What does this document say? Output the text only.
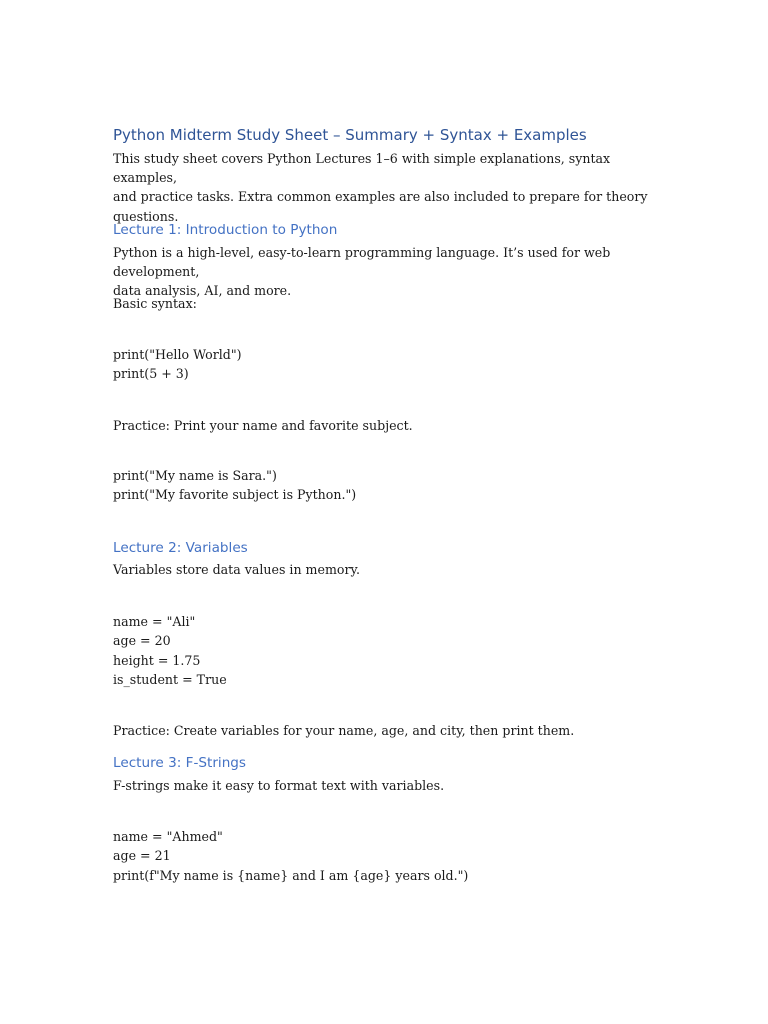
Python Midterm Study Sheet – Summary + Syntax + Examples
This study sheet covers Python Lectures 1–6 with simple explanations, syntax examples,
and practice tasks. Extra common examples are also included to prepare for theory
questions.
Lecture 1: Introduction to Python
Python is a high-level, easy-to-learn programming language. It’s used for web development,
data analysis, AI, and more.
Basic syntax:
print("Hello World")
print(5 + 3)
Practice: Print your name and favorite subject.
print("My name is Sara.")
print("My favorite subject is Python.")
Lecture 2: Variables
Variables store data values in memory.
name = "Ali"
age = 20
height = 1.75
is_student = True
Practice: Create variables for your name, age, and city, then print them.
Lecture 3: F-Strings
F-strings make it easy to format text with variables.
name = "Ahmed"
age = 21
print(f"My name is {name} and I am {age} years old.")
